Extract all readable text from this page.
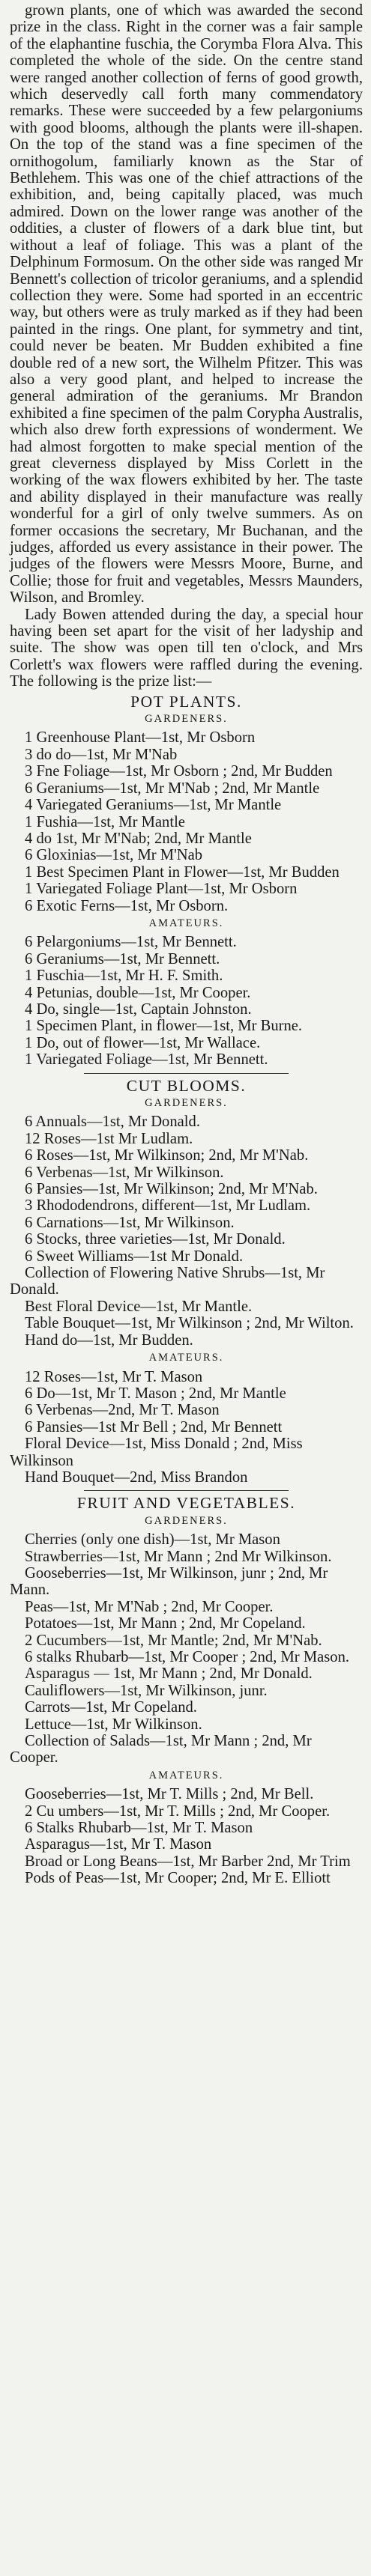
grown plants, one of which was awarded the second prize in the class. Right in the corner was a fair sample of the elaphantine fuschia, the Corymba Flora Alva. This completed the whole of the side. On the centre stand were ranged another collection of ferns of good growth, which deservedly call forth many commendatory remarks. These were succeeded by a few pelargoniums with good blooms, although the plants were ill-shapen. On the top of the stand was a fine specimen of the ornithogolum, familiarly known as the Star of Bethlehem. This was one of the chief attractions of the exhibition, and, being capitally placed, was much admired. Down on the lower range was another of the oddities, a cluster of flowers of a dark blue tint, but without a leaf of foliage. This was a plant of the Delphinum Formosum. On the other side was ranged Mr Bennett's collection of tricolor geraniums, and a splendid collection they were. Some had sported in an eccentric way, but others were as truly marked as if they had been painted in the rings. One plant, for symmetry and tint, could never be beaten. Mr Budden exhibited a fine double red of a new sort, the Wilhelm Pfitzer. This was also a very good plant, and helped to increase the general admiration of the geraniums. Mr Brandon exhibited a fine specimen of the palm Corypha Australis, which also drew forth expressions of wonderment. We had almost forgotten to make special mention of the great cleverness displayed by Miss Corlett in the working of the wax flowers exhibited by her. The taste and ability displayed in their manufacture was really wonderful for a girl of only twelve summers. As on former occasions the secretary, Mr Buchanan, and the judges, afforded us every assistance in their power. The judges of the flowers were Messrs Moore, Burne, and Collie; those for fruit and vegetables, Messrs Maunders, Wilson, and Bromley.

Lady Bowen attended during the day, a special hour having been set apart for the visit of her ladyship and suite. The show was open till ten o'clock, and Mrs Corlett's wax flowers were raffled during the evening. The following is the prize list:—

POT PLANTS.
GARDENERS.

1 Greenhouse Plant—1st, Mr Osborn

3 do do—1st, Mr M'Nab

3 Fne Foliage—1st, Mr Osborn ; 2nd, Mr Budden

6 Geraniums—1st, Mr M'Nab ; 2nd, Mr Mantle

4 Variegated Geraniums—1st, Mr Mantle

1 Fushia—1st, Mr Mantle

4 do 1st, Mr M'Nab; 2nd, Mr Mantle

6 Gloxinias—1st, Mr M'Nab

1 Best Specimen Plant in Flower—1st, Mr Budden

1 Variegated Foliage Plant—1st, Mr Osborn

6 Exotic Ferns—1st, Mr Osborn.

AMATEURS.

6 Pelargoniums—1st, Mr Bennett.

6 Geraniums—1st, Mr Bennett.

1 Fuschia—1st, Mr H. F. Smith.

4 Petunias, double—1st, Mr Cooper.

4 Do, single—1st, Captain Johnston.

1 Specimen Plant, in flower—1st, Mr Burne.

1 Do, out of flower—1st, Mr Wallace.

1 Variegated Foliage—1st, Mr Bennett.

CUT BLOOMS.
GARDENERS.

6 Annuals—1st, Mr Donald.

12 Roses—1st Mr Ludlam.

6 Roses—1st, Mr Wilkinson; 2nd, Mr M'Nab.

6 Verbenas—1st, Mr Wilkinson.

6 Pansies—1st, Mr Wilkinson; 2nd, Mr M'Nab.

3 Rhododendrons, different—1st, Mr Ludlam.

6 Carnations—1st, Mr Wilkinson.

6 Stocks, three varieties—1st, Mr Donald.

6 Sweet Williams—1st Mr Donald.

Collection of Flowering Native Shrubs—1st, Mr Donald.

Best Floral Device—1st, Mr Mantle.

Table Bouquet—1st, Mr Wilkinson ; 2nd, Mr Wilton.

Hand do—1st, Mr Budden.

AMATEURS.

12 Roses—1st, Mr T. Mason

6 Do—1st, Mr T. Mason ; 2nd, Mr Mantle

6 Verbenas—2nd, Mr T. Mason

6 Pansies—1st Mr Bell ; 2nd, Mr Bennett

Floral Device—1st, Miss Donald ; 2nd, Miss Wilkinson

Hand Bouquet—2nd, Miss Brandon

FRUIT AND VEGETABLES.
GARDENERS.

Cherries (only one dish)—1st, Mr Mason

Strawberries—1st, Mr Mann ; 2nd Mr Wilkinson.

Gooseberries—1st, Mr Wilkinson, junr ; 2nd, Mr Mann.

Peas—1st, Mr M'Nab ; 2nd, Mr Cooper.

Potatoes—1st, Mr Mann ; 2nd, Mr Copeland.

2 Cucumbers—1st, Mr Mantle; 2nd, Mr M'Nab.

6 stalks Rhubarb—1st, Mr Cooper ; 2nd, Mr Mason.

Asparagus — 1st, Mr Mann ; 2nd, Mr Donald.

Cauliflowers—1st, Mr Wilkinson, junr.

Carrots—1st, Mr Copeland.

Lettuce—1st, Mr Wilkinson.

Collection of Salads—1st, Mr Mann ; 2nd, Mr Cooper.

AMATEURS.

Gooseberries—1st, Mr T. Mills ; 2nd, Mr Bell.

2 Cu umbers—1st, Mr T. Mills ; 2nd, Mr Cooper.

6 Stalks Rhubarb—1st, Mr T. Mason

Asparagus—1st, Mr T. Mason

Broad or Long Beans—1st, Mr Barber 2nd, Mr Trim

Pods of Peas—1st, Mr Cooper; 2nd, Mr E. Elliott
